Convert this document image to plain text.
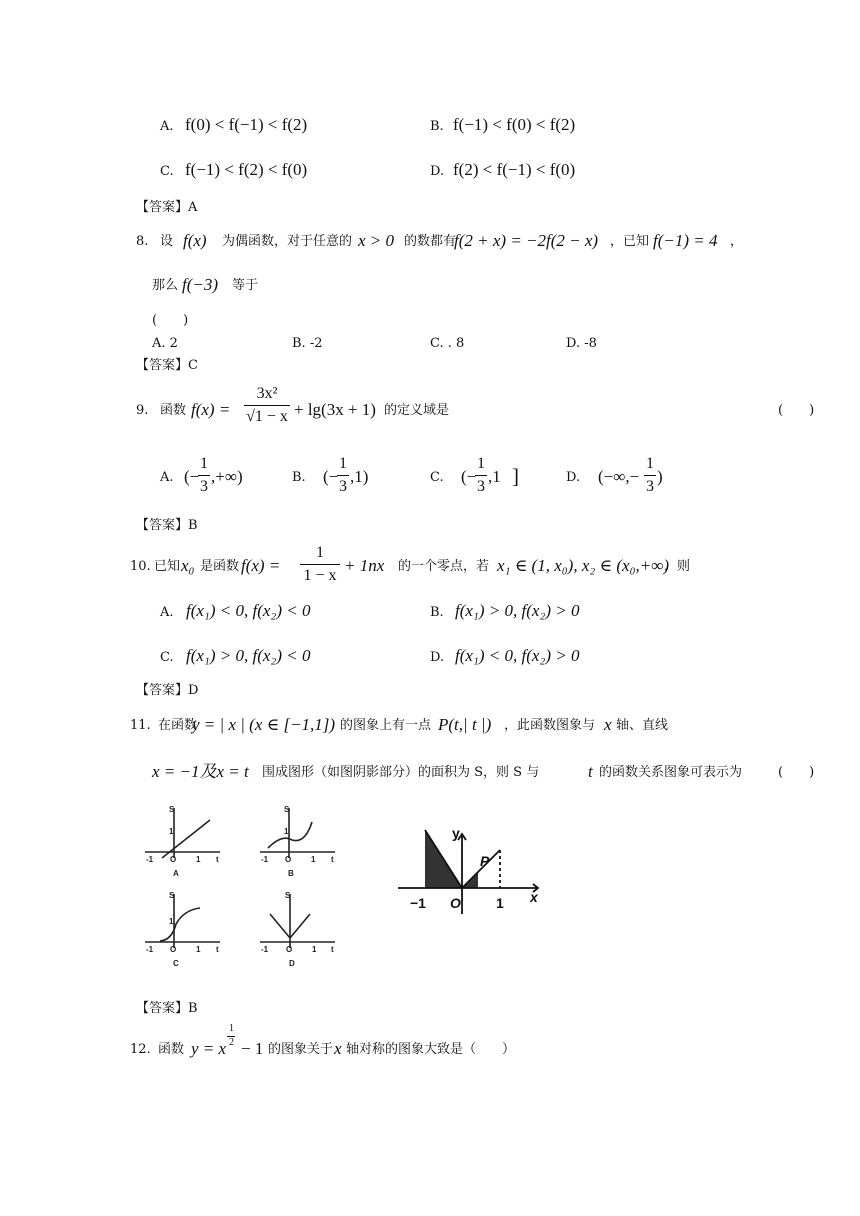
A. f(0) < f(−1) < f(2)	B. f(−1) < f(0) < f(2)
C. f(−1) < f(2) < f(0)	D. f(2) < f(−1) < f(0)
【答案】A
8. 设 f(x) 为偶函数，对于任意的 x > 0 的数都有
f(2 + x) = −2f(2 − x) ，已知 f(−1) = 4 ，
那么 f(−3) 等于
(　　)
A. 2	B. -2	C. . 8	D. -8
【答案】C
9. 函数 f(x) =
3x²
√1 − x + lg(3x + 1) 的定义域是	(　　)
A. (−
1
3
,+∞)	B. (−
1
3
,1)	C. (−
1
3
,1 ]	D. (−∞,−
1
3
)
【答案】B
10. 已知 x₀ 是函数 f(x) =
1
1 − x
+ 1nx 的一个零点，若 x₁ ∈ (1, x₀), x₂ ∈ (x₀,+∞)
，则
A. f(x₁) < 0, f(x₂) < 0	B. f(x₁) > 0, f(x₂) > 0
C. f(x₁) > 0, f(x₂) < 0	D. f(x₁) < 0, f(x₂) > 0
【答案】D
11. 在函数
y = | x | (x ∈ [−1,1]) 的图象上有一点 P(t,| t |) ，此函数图象与 x 轴、直线
x = −1及x = t 围成图形（如图阴影部分）的面积为 S，则 S 与	t 的函数关系图象可表示为	(　　)
S
1
-1 O 1 t
A
S
1
-1 O 1 t
B
S
1
-1 O 1 t
C
S
-1 O 1 t
D
y
x
P
−1 O	1
【答案】B
12. 函数 y = x
1
2 − 1 的图象关于 x 轴对称的图象大致是（　　）
